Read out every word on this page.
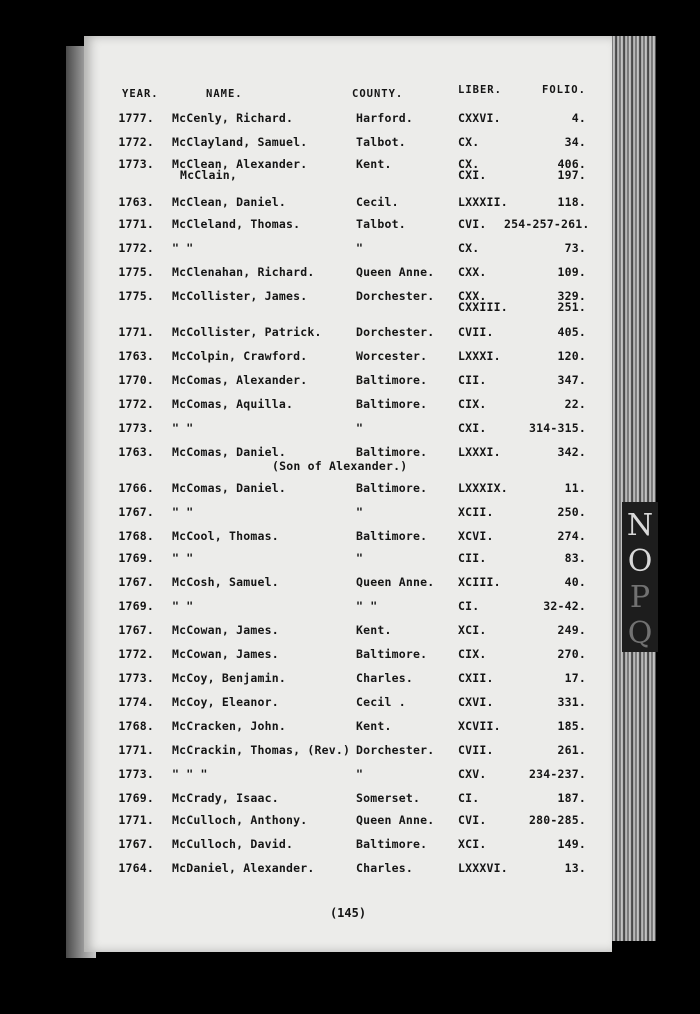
N
O
P
Q
YEAR.	NAME.	COUNTY.	LIBER.	FOLIO.
1777. McCenly, Richard.	Harford.	CXXVI.	4.
1772. McClayland, Samuel.	Talbot.	CX.	34.
1773. McClean, Alexander.	Kent.	CX.	406.
McClain,	CXI.	197.
1763. McClean, Daniel.	Cecil.	LXXXII.	118.
1771. McCleland, Thomas.	Talbot.	CVI. 254-257-261.
1772. " "	"	CX.	73.
1775. McClenahan, Richard.	Queen Anne. CXX.	109.
1775. McCollister, James.	Dorchester. CXX.	329.
CXXIII.	251.
1771. McCollister, Patrick.	Dorchester. CVII.	405.
1763. McColpin, Crawford.	Worcester.	LXXXI.	120.
1770. McComas, Alexander.	Baltimore.	CII.	347.
1772. McComas, Aquilla.	Baltimore.	CIX.	22.
1773. " "	"	CXI.	314-315.
1763. McComas, Daniel.	Baltimore.	LXXXI.	342.
(Son of Alexander.)
1766. McComas, Daniel.	Baltimore.	LXXXIX.	11.
1767. " "	"	XCII.	250.
1768. McCool, Thomas.	Baltimore.	XCVI.	274.
1769. " "	"	CII.	83.
1767. McCosh, Samuel.	Queen Anne. XCIII.	40.
1769. " "	" "	CI.	32-42.
1767. McCowan, James.	Kent.	XCI.	249.
1772. McCowan, James.	Baltimore.	CIX.	270.
1773. McCoy, Benjamin.	Charles.	CXII.	17.
1774. McCoy, Eleanor.	Cecil .	CXVI.	331.
1768. McCracken, John.	Kent.	XCVII.	185.
1771. McCrackin, Thomas, (Rev.) Dorchester. CVII.	261.
1773. " " "	"	CXV.	234-237.
1769. McCrady, Isaac.	Somerset.	CI.	187.
1771. McCulloch, Anthony.	Queen Anne. CVI.	280-285.
1767. McCulloch, David.	Baltimore.	XCI.	149.
1764. McDaniel, Alexander.	Charles.	LXXXVI.	13.
(145)
